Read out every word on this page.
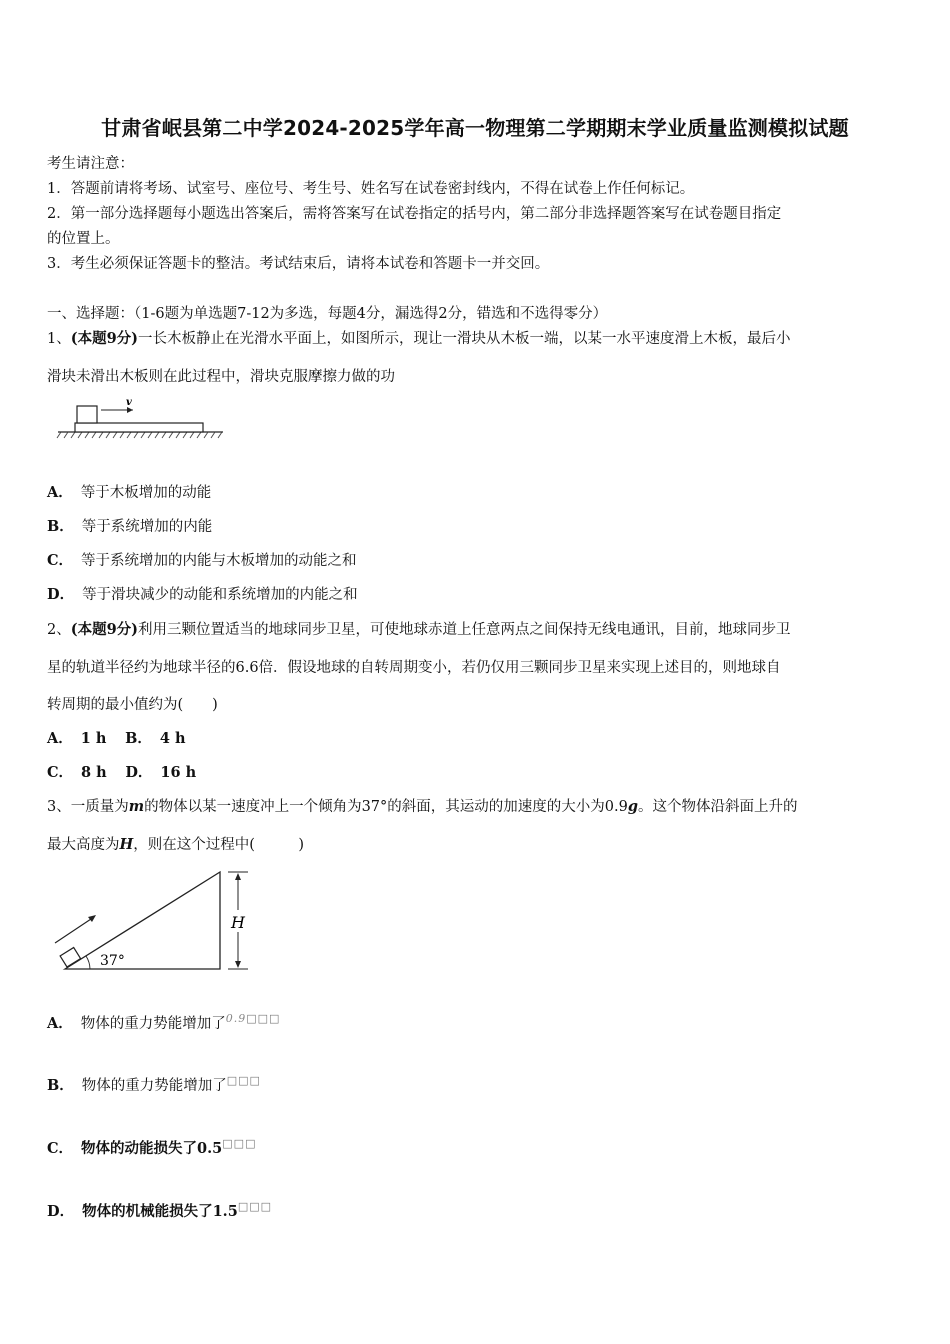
甘肃省岷县第二中学2024-2025学年高一物理第二学期期末学业质量监测模拟试题
考生请注意：
1．答题前请将考场、试室号、座位号、考生号、姓名写在试卷密封线内，不得在试卷上作任何标记。
2．第一部分选择题每小题选出答案后，需将答案写在试卷指定的括号内，第二部分非选择题答案写在试卷题目指定
的位置上。
3．考生必须保证答题卡的整洁。考试结束后，请将本试卷和答题卡一并交回。
一、选择题：（1-6题为单选题7-12为多选，每题4分，漏选得2分，错选和不选得零分）
1、(本题9分)一长木板静止在光滑水平面上，如图所示，现让一滑块从木板一端，以某一水平速度滑上木板，最后小
滑块未滑出木板则在此过程中，滑块克服摩擦力做的功
v
A． 等于木板增加的动能
B． 等于系统增加的内能
C． 等于系统增加的内能与木板增加的动能之和
D． 等于滑块减少的动能和系统增加的内能之和
2、(本题9分)利用三颗位置适当的地球同步卫星，可使地球赤道上任意两点之间保持无线电通讯，目前，地球同步卫
星的轨道半径约为地球半径的6.6倍．假设地球的自转周期变小，若仍仅用三颗同步卫星来实现上述目的，则地球自
转周期的最小值约为(　　)
A． 1 h B． 4 h
C． 8 h D． 16 h
3、一质量为m的物体以某一速度冲上一个倾角为37°的斜面，其运动的加速度的大小为0.9g。这个物体沿斜面上升的
最大高度为H，则在这个过程中(　　　)
37°
H
A． 物体的重力势能增加了0.9□□□
B． 物体的重力势能增加了□□□
C． 物体的动能损失了0.5□□□
D． 物体的机械能损失了1.5□□□
